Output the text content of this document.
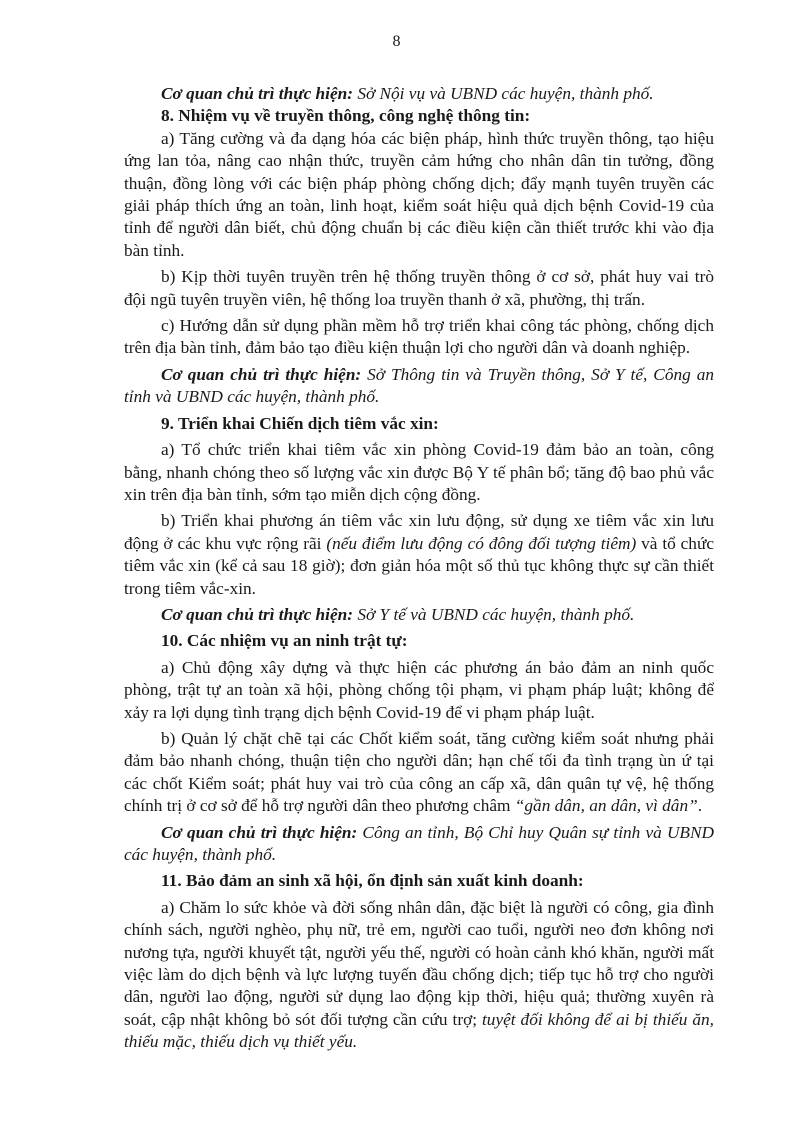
8

Cơ quan chủ trì thực hiện: Sở Nội vụ và UBND các huyện, thành phố.

8. Nhiệm vụ về truyền thông, công nghệ thông tin:

a) Tăng cường và đa dạng hóa các biện pháp, hình thức truyền thông, tạo hiệu ứng lan tỏa, nâng cao nhận thức, truyền cảm hứng cho nhân dân tin tưởng, đồng thuận, đồng lòng với các biện pháp phòng chống dịch; đẩy mạnh tuyên truyền các giải pháp thích ứng an toàn, linh hoạt, kiểm soát hiệu quả dịch bệnh Covid-19 của tỉnh để người dân biết, chủ động chuẩn bị các điều kiện cần thiết trước khi vào địa bàn tỉnh.

b) Kịp thời tuyên truyền trên hệ thống truyền thông ở cơ sở, phát huy vai trò đội ngũ tuyên truyền viên, hệ thống loa truyền thanh ở xã, phường, thị trấn.

c) Hướng dẫn sử dụng phần mềm hỗ trợ triển khai công tác phòng, chống dịch trên địa bàn tỉnh, đảm bảo tạo điều kiện thuận lợi cho người dân và doanh nghiệp.

Cơ quan chủ trì thực hiện: Sở Thông tin và Truyền thông, Sở Y tế, Công an tỉnh và UBND các huyện, thành phố.

9. Triển khai Chiến dịch tiêm vắc xin:

a) Tổ chức triển khai tiêm vắc xin phòng Covid-19 đảm bảo an toàn, công bằng, nhanh chóng theo số lượng vắc xin được Bộ Y tế phân bổ; tăng độ bao phủ vắc xin trên địa bàn tỉnh, sớm tạo miễn dịch cộng đồng.

b) Triển khai phương án tiêm vắc xin lưu động, sử dụng xe tiêm vắc xin lưu động ở các khu vực rộng rãi (nếu điểm lưu động có đông đối tượng tiêm) và tổ chức tiêm vắc xin (kể cả sau 18 giờ); đơn giản hóa một số thủ tục không thực sự cần thiết trong tiêm vắc-xin.

Cơ quan chủ trì thực hiện: Sở Y tế và UBND các huyện, thành phố.

10. Các nhiệm vụ an ninh trật tự:

a) Chủ động xây dựng và thực hiện các phương án bảo đảm an ninh quốc phòng, trật tự an toàn xã hội, phòng chống tội phạm, vi phạm pháp luật; không để xảy ra lợi dụng tình trạng dịch bệnh Covid-19 để vi phạm pháp luật.

b) Quản lý chặt chẽ tại các Chốt kiểm soát, tăng cường kiểm soát nhưng phải đảm bảo nhanh chóng, thuận tiện cho người dân; hạn chế tối đa tình trạng ùn ứ tại các chốt Kiểm soát; phát huy vai trò của công an cấp xã, dân quân tự vệ, hệ thống chính trị ở cơ sở để hỗ trợ người dân theo phương châm “gần dân, an dân, vì dân”.

Cơ quan chủ trì thực hiện: Công an tỉnh, Bộ Chỉ huy Quân sự tỉnh và UBND các huyện, thành phố.

11. Bảo đảm an sinh xã hội, ổn định sản xuất kinh doanh:

a) Chăm lo sức khỏe và đời sống nhân dân, đặc biệt là người có công, gia đình chính sách, người nghèo, phụ nữ, trẻ em, người cao tuổi, người neo đơn không nơi nương tựa, người khuyết tật, người yếu thế, người có hoàn cảnh khó khăn, người mất việc làm do dịch bệnh và lực lượng tuyến đầu chống dịch; tiếp tục hỗ trợ cho người dân, người lao động, người sử dụng lao động kịp thời, hiệu quả; thường xuyên rà soát, cập nhật không bỏ sót đối tượng cần cứu trợ; tuyệt đối không để ai bị thiếu ăn, thiếu mặc, thiếu dịch vụ thiết yếu.
